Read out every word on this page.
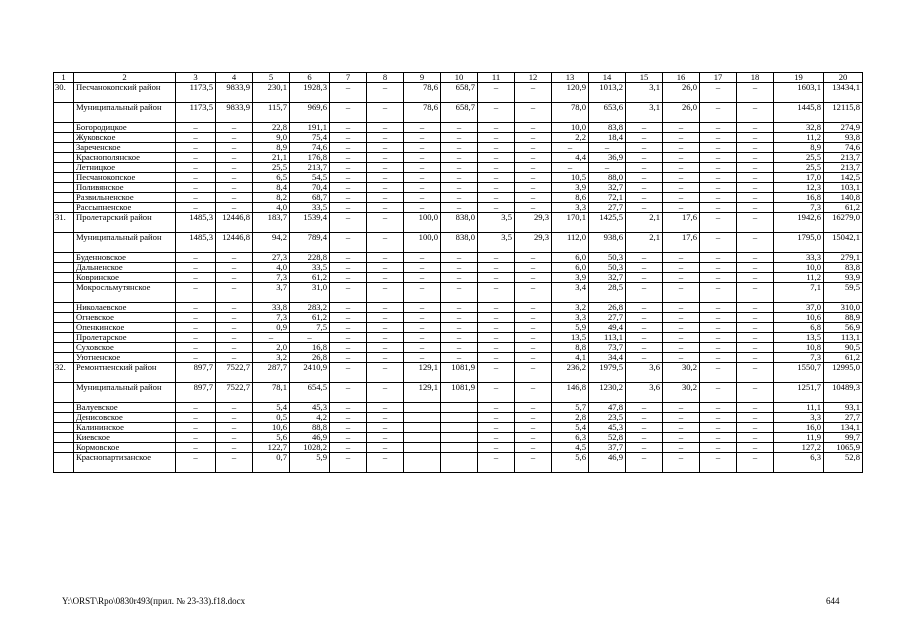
1	2	3	4	5	6	7	8	9	10	11	12	13	14	15	16	17	18	19	20
30.	Песчанокопский район	1173,5	9833,9	230,1	1928,3	–	–	78,6	658,7	–	–	120,9	1013,2	3,1	26,0	–	–	1603,1	13434,1
	Муниципальный район	1173,5	9833,9	115,7	969,6	–	–	78,6	658,7	–	–	78,0	653,6	3,1	26,0	–	–	1445,8	12115,8
	Богородицкое	–	–	22,8	191,1	–	–	–	–	–	–	10,0	83,8	–	–	–	–	32,8	274,9
	Жуковское	–	–	9,0	75,4	–	–	–	–	–	–	2,2	18,4	–	–	–	–	11,2	93,8
	Зареченское	–	–	8,9	74,6	–	–	–	–	–	–	–	–	–	–	–	–	8,9	74,6
	Краснополянское	–	–	21,1	176,8	–	–	–	–	–	–	4,4	36,9	–	–	–	–	25,5	213,7
	Летницкое	–	–	25,5	213,7	–	–	–	–	–	–	–	–	–	–	–	–	25,5	213,7
	Песчанокопское	–	–	6,5	54,5	–	–	–	–	–	–	10,5	88,0	–	–	–	–	17,0	142,5
	Поливянское	–	–	8,4	70,4	–	–	–	–	–	–	3,9	32,7	–	–	–	–	12,3	103,1
	Развильненское	–	–	8,2	68,7	–	–	–	–	–	–	8,6	72,1	–	–	–	–	16,8	140,8
	Рассыпненское	–	–	4,0	33,5	–	–	–	–	–	–	3,3	27,7	–	–	–	–	7,3	61,2
31.	Пролетарский район	1485,3	12446,8	183,7	1539,4	–	–	100,0	838,0	3,5	29,3	170,1	1425,5	2,1	17,6	–	–	1942,6	16279,0
	Муниципальный район	1485,3	12446,8	94,2	789,4	–	–	100,0	838,0	3,5	29,3	112,0	938,6	2,1	17,6	–	–	1795,0	15042,1
	Буденновское	–	–	27,3	228,8	–	–	–	–	–	–	6,0	50,3	–	–	–	–	33,3	279,1
	Дальненское	–	–	4,0	33,5	–	–	–	–	–	–	6,0	50,3	–	–	–	–	10,0	83,8
	Ковринское	–	–	7,3	61,2	–	–	–	–	–	–	3,9	32,7	–	–	–	–	11,2	93,9
	Мокросльмутянское	–	–	3,7	31,0	–	–	–	–	–	–	3,4	28,5	–	–	–	–	7,1	59,5
	Николаевское	–	–	33,8	283,2	–	–	–	–	–	–	3,2	26,8	–	–	–	–	37,0	310,0
	Огневское	–	–	7,3	61,2	–	–	–	–	–	–	3,3	27,7	–	–	–	–	10,6	88,9
	Опенкинское	–	–	0,9	7,5	–	–	–	–	–	–	5,9	49,4	–	–	–	–	6,8	56,9
	Пролетарское	–	–	–	–	–	–	–	–	–	–	13,5	113,1	–	–	–	–	13,5	113,1
	Суховское	–	–	2,0	16,8	–	–	–	–	–	–	8,8	73,7	–	–	–	–	10,8	90,5
	Уютненское	–	–	3,2	26,8	–	–	–	–	–	–	4,1	34,4	–	–	–	–	7,3	61,2
32.	Ремонтненский район	897,7	7522,7	287,7	2410,9	–	–	129,1	1081,9	–	–	236,2	1979,5	3,6	30,2	–	–	1550,7	12995,0
	Муниципальный район	897,7	7522,7	78,1	654,5	–	–	129,1	1081,9	–	–	146,8	1230,2	3,6	30,2	–	–	1251,7	10489,3
	Валуевское	–	–	5,4	45,3	–	–			–	–	5,7	47,8	–	–	–	–	11,1	93,1
	Денисовское	–	–	0,5	4,2	–	–			–	–	2,8	23,5	–	–	–	–	3,3	27,7
	Калининское	–	–	10,6	88,8	–	–			–	–	5,4	45,3	–	–	–	–	16,0	134,1
	Киевское	–	–	5,6	46,9	–	–			–	–	6,3	52,8	–	–	–	–	11,9	99,7
	Кормовское	–	–	122,7	1028,2	–	–			–	–	4,5	37,7	–	–	–	–	127,2	1065,9
	Краснопартизанское	–	–	0,7	5,9	–	–			–	–	5,6	46,9	–	–	–	–	6,3	52,8
Y:\ORST\Rpo\0830r493(прил. № 23-33).f18.docx	644
